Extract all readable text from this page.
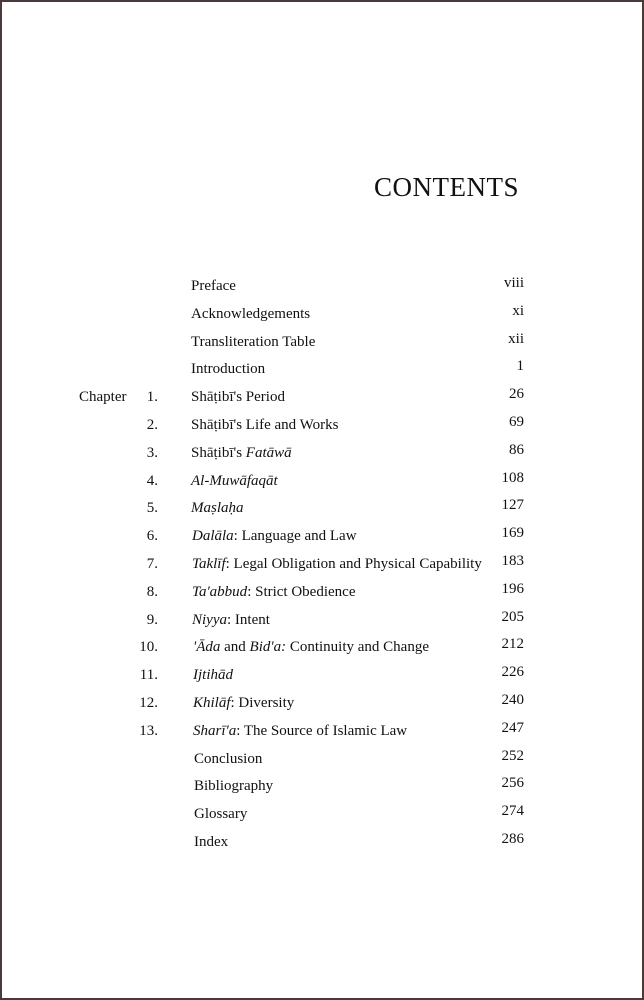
CONTENTS
Preface	viii
Acknowledgements	xi
Transliteration Table	xii
Introduction	1
Chapter 1. Shāṭibī's Period	26
2. Shāṭibī's Life and Works	69
3. Shāṭibī's Fatāwā	86
4. Al-Muwāfaqāt	108
5. Maṣlaḥa	127
6. Dalāla: Language and Law	169
7. Taklīf: Legal Obligation and Physical Capability 183
8. Ta'abbud: Strict Obedience	196
9. Niyya: Intent	205
10. 'Āda and Bid'a: Continuity and Change	212
11. Ijtihād	226
12. Khilāf: Diversity	240
13. Sharī'a: The Source of Islamic Law	247
Conclusion	252
Bibliography	256
Glossary	274
Index	286
